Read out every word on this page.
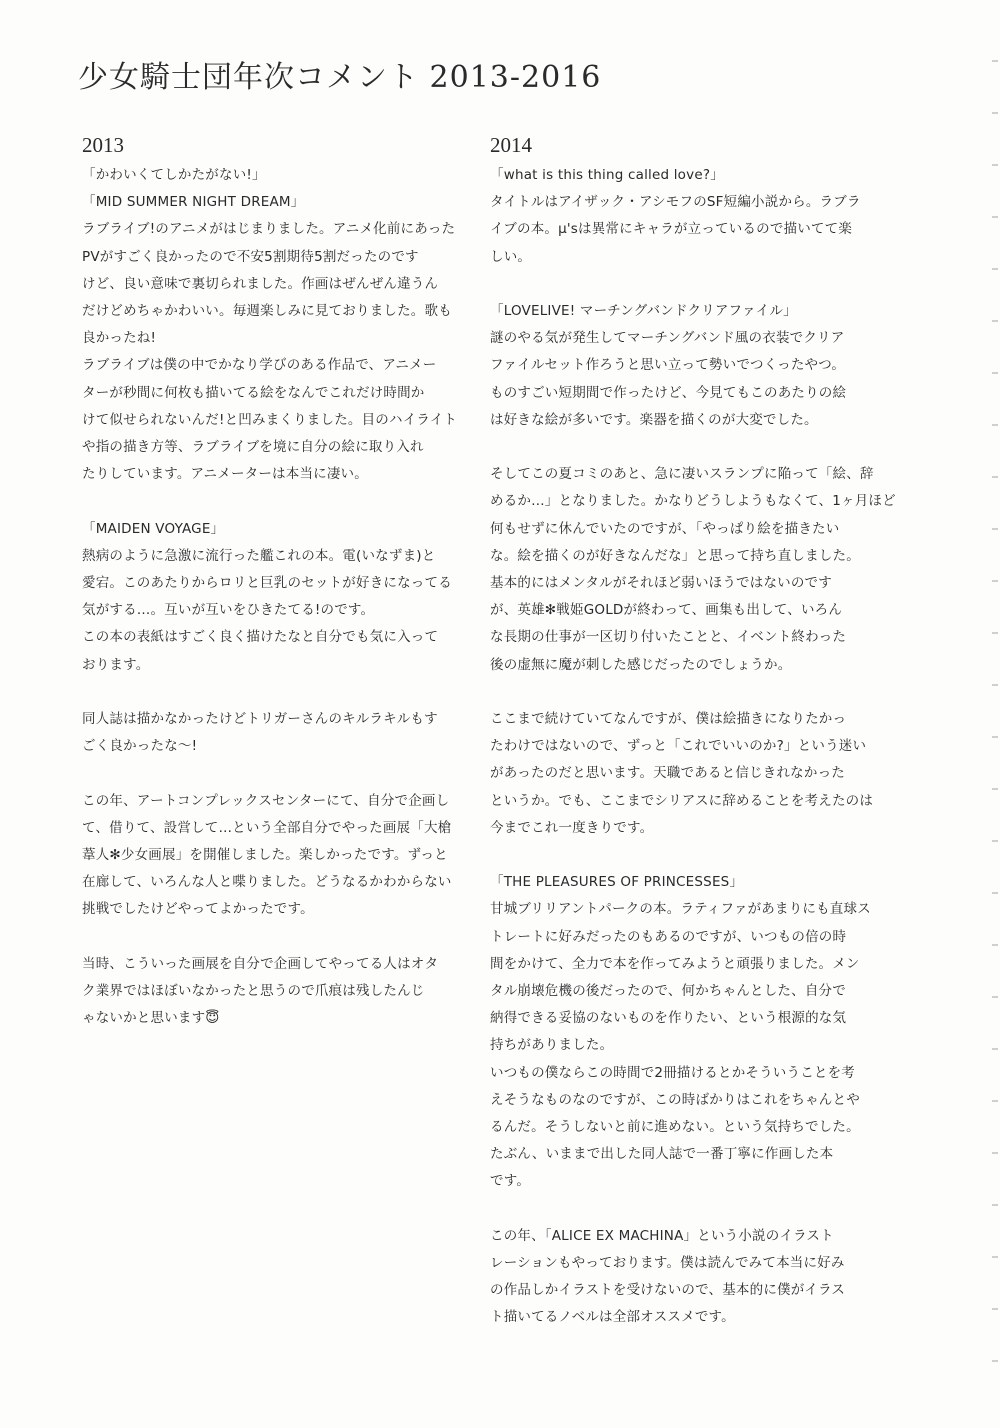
少女騎士団年次コメント 2013-2016
2013
「かわいくてしかたがない!」
「MID SUMMER NIGHT DREAM」
ラブライブ!のアニメがはじまりました。アニメ化前にあった
PVがすごく良かったので不安5割期待5割だったのです
けど、良い意味で裏切られました。作画はぜんぜん違うん
だけどめちゃかわいい。毎週楽しみに見ておりました。歌も
良かったね!
ラブライブは僕の中でかなり学びのある作品で、アニメー
ターが秒間に何枚も描いてる絵をなんでこれだけ時間か
けて似せられないんだ!と凹みまくりました。目のハイライト
や指の描き方等、ラブライブを境に自分の絵に取り入れ
たりしています。アニメーターは本当に凄い。
「MAIDEN VOYAGE」
熱病のように急激に流行った艦これの本。電(いなずま)と
愛宕。このあたりからロリと巨乳のセットが好きになってる
気がする…。互いが互いをひきたてる!のです。
この本の表紙はすごく良く描けたなと自分でも気に入って
おります。
同人誌は描かなかったけどトリガーさんのキルラキルもす
ごく良かったな〜!
この年、アートコンプレックスセンターにて、自分で企画し
て、借りて、設営して…という全部自分でやった画展「大槍
葦人✻少女画展」を開催しました。楽しかったです。ずっと
在廊して、いろんな人と喋りました。どうなるかわからない
挑戦でしたけどやってよかったです。
当時、こういった画展を自分で企画してやってる人はオタ
ク業界ではほぼいなかったと思うので爪痕は残したんじ
ゃないかと思います😇
2014
「what is this thing called love?」
タイトルはアイザック・アシモフのSF短編小説から。ラブラ
イブの本。μ'sは異常にキャラが立っているので描いてて楽
しい。
「LOVELIVE! マーチングバンドクリアファイル」
謎のやる気が発生してマーチングバンド風の衣装でクリア
ファイルセット作ろうと思い立って勢いでつくったやつ。
ものすごい短期間で作ったけど、今見てもこのあたりの絵
は好きな絵が多いです。楽器を描くのが大変でした。
そしてこの夏コミのあと、急に凄いスランプに陥って「絵、辞
めるか…」となりました。かなりどうしようもなくて、1ヶ月ほど
何もせずに休んでいたのですが、「やっぱり絵を描きたい
な。絵を描くのが好きなんだな」と思って持ち直しました。
基本的にはメンタルがそれほど弱いほうではないのです
が、英雄✻戦姫GOLDが終わって、画集も出して、いろん
な長期の仕事が一区切り付いたことと、イベント終わった
後の虚無に魔が刺した感じだったのでしょうか。
ここまで続けていてなんですが、僕は絵描きになりたかっ
たわけではないので、ずっと「これでいいのか?」という迷い
があったのだと思います。天職であると信じきれなかった
というか。でも、ここまでシリアスに辞めることを考えたのは
今までこれ一度きりです。
「THE PLEASURES OF PRINCESSES」
甘城ブリリアントパークの本。ラティファがあまりにも直球ス
トレートに好みだったのもあるのですが、いつもの倍の時
間をかけて、全力で本を作ってみようと頑張りました。メン
タル崩壊危機の後だったので、何かちゃんとした、自分で
納得できる妥協のないものを作りたい、という根源的な気
持ちがありました。
いつもの僕ならこの時間で2冊描けるとかそういうことを考
えそうなものなのですが、この時ばかりはこれをちゃんとや
るんだ。そうしないと前に進めない。という気持ちでした。
たぶん、いままで出した同人誌で一番丁寧に作画した本
です。
この年、「ALICE EX MACHINA」という小説のイラスト
レーションもやっております。僕は読んでみて本当に好み
の作品しかイラストを受けないので、基本的に僕がイラス
ト描いてるノベルは全部オススメです。
